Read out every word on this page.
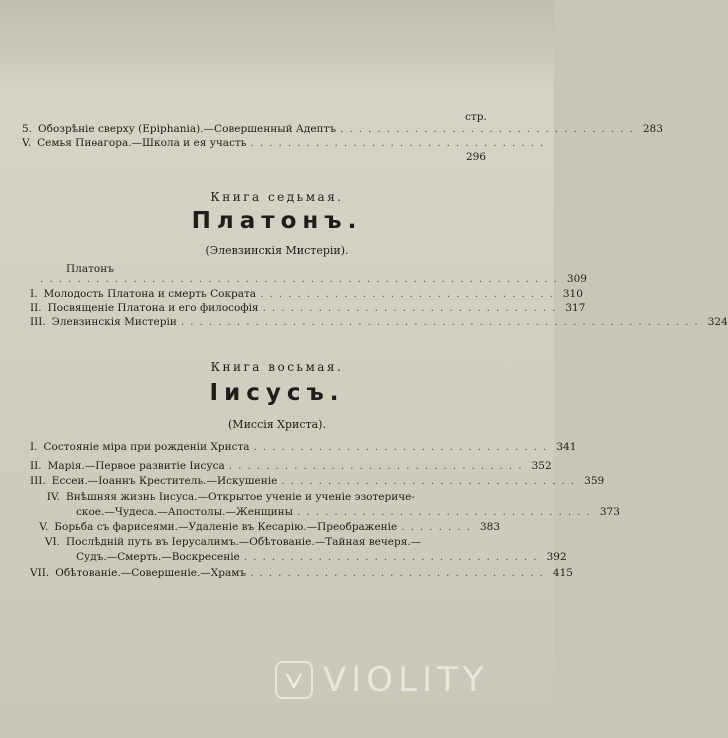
стр.
5. Обозрѣніе сверху (Epiphania).—Совершенный Адептъ ................................ 283
V. Семья Пиѳагора.—Школа и ея участь ................................
296
Книга седьмая.
Платонъ.
(Элевзинскія Мистеріи).
Платонъ
........................................................ 309
I. Молодость Платона и смерть Сократа ................................ 310
II. Посвященіе Платона и его философія ................................ 317
III. Элевзинскія Мистеріи ........................................................ 324
Книга восьмая.
Іисусъ.
(Миссія Христа).
I. Состояніе міра при рожденіи Христа ................................ 341
II. Марія.—Первое развитіе Іисуса ................................ 352
III. Ессеи.—Іоаннъ Креститель.—Искушеніе ................................ 359
IV. Внѣшняя жизнь Іисуса.—Открытое ученіе и ученіе эзотериче-
ское.—Чудеса.—Апостолы.—Женщины ................................ 373
V. Борьба съ фарисеями.—Удаленіе въ Кесарію.—Преображеніе ........ 383
VI. Послѣдній путь въ Іерусалимъ.—Обѣтованіе.—Тайная вечеря.—
Судъ.—Смерть.—Воскресеніе ................................ 392
VII. Обѣтованіе.—Совершеніе.—Храмъ ................................ 415
VIOLITY
